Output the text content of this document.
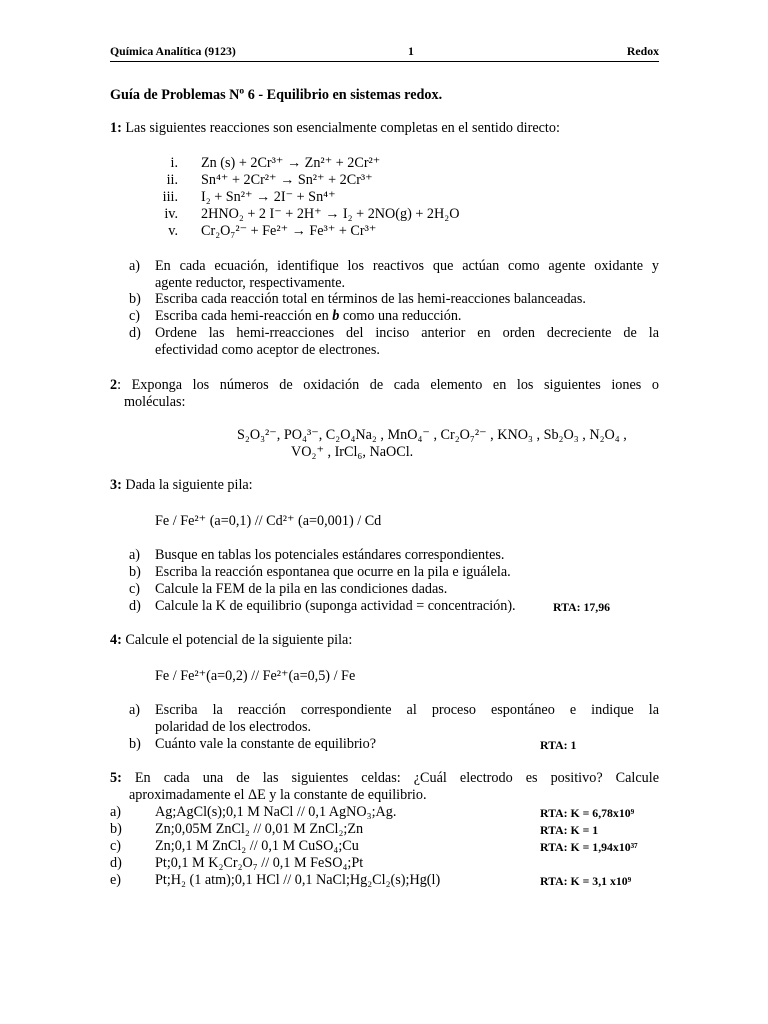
Química Analítica (9123)	1	Redox
Guía de Problemas $N^o$ 6 - Equilibrio en sistemas redox.
1: Las siguientes reacciones son esencialmente completas en el sentido directo:
i. Zn (s) + 2Cr³⁺ → Zn²⁺ + 2Cr²⁺
ii. Sn⁴⁺ + 2Cr²⁺ → Sn²⁺ + 2Cr³⁺
iii. I₂ + Sn²⁺ → 2I⁻ + Sn⁴⁺
iv. 2HNO₂ + 2 I⁻ + 2H⁺ → I₂ + 2NO(g) + 2H₂O
v. Cr₂O₇²⁻ + Fe²⁺ → Fe³⁺ + Cr³⁺
a) En cada ecuación, identifique los reactivos que actúan como agente oxidante y
agente reductor, respectivamente.
b) Escriba cada reacción total en términos de las hemi-reacciones balanceadas.
c) Escriba cada hemi-reacción en b como una reducción.
d) Ordene las hemi-rreacciones del inciso anterior en orden decreciente de la
efectividad como aceptor de electrones.
2: Exponga los números de oxidación de cada elemento en los siguientes iones o
moléculas:
S₂O₃²⁻, PO₄³⁻, C₂O₄Na₂ , MnO₄⁻ , Cr₂O₇²⁻ , KNO₃ , Sb₂O₃ , N₂O₄ ,
VO₂⁺ , IrCl₆, NaOCl.
3: Dada la siguiente pila:
Fe / Fe²⁺ (a=0,1) // Cd²⁺ (a=0,001) / Cd
a) Busque en tablas los potenciales estándares correspondientes.
b) Escriba la reacción espontanea que ocurre en la pila e iguálela.
c) Calcule la FEM de la pila en las condiciones dadas.
d) Calcule la K de equilibrio (suponga actividad = concentración).	RTA: 17,96
4: Calcule el potencial de la siguiente pila:
Fe / Fe²⁺(a=0,2) // Fe²⁺(a=0,5) / Fe
a) Escriba la reacción correspondiente al proceso espontáneo e indique la
polaridad de los electrodos.
b) Cuánto vale la constante de equilibrio?	RTA: 1
5: En cada una de las siguientes celdas: ¿Cuál electrodo es positivo? Calcule
aproximadamente el ΔE y la constante de equilibrio.
a) Ag;AgCl(s);0,1 M NaCl // 0,1 AgNO₃;Ag.	RTA: K = 6,78x10⁹
b) Zn;0,05M ZnCl₂ // 0,01 M ZnCl₂;Zn	RTA: K = 1
c) Zn;0,1 M ZnCl₂ // 0,1 M CuSO₄;Cu	RTA: K = 1,94x10³⁷
d) Pt;0,1 M K₂Cr₂O₇ // 0,1 M FeSO₄;Pt
e) Pt;H₂ (1 atm);0,1 HCl // 0,1 NaCl;Hg₂Cl₂(s);Hg(l)	RTA: K = 3,1 x10⁹
